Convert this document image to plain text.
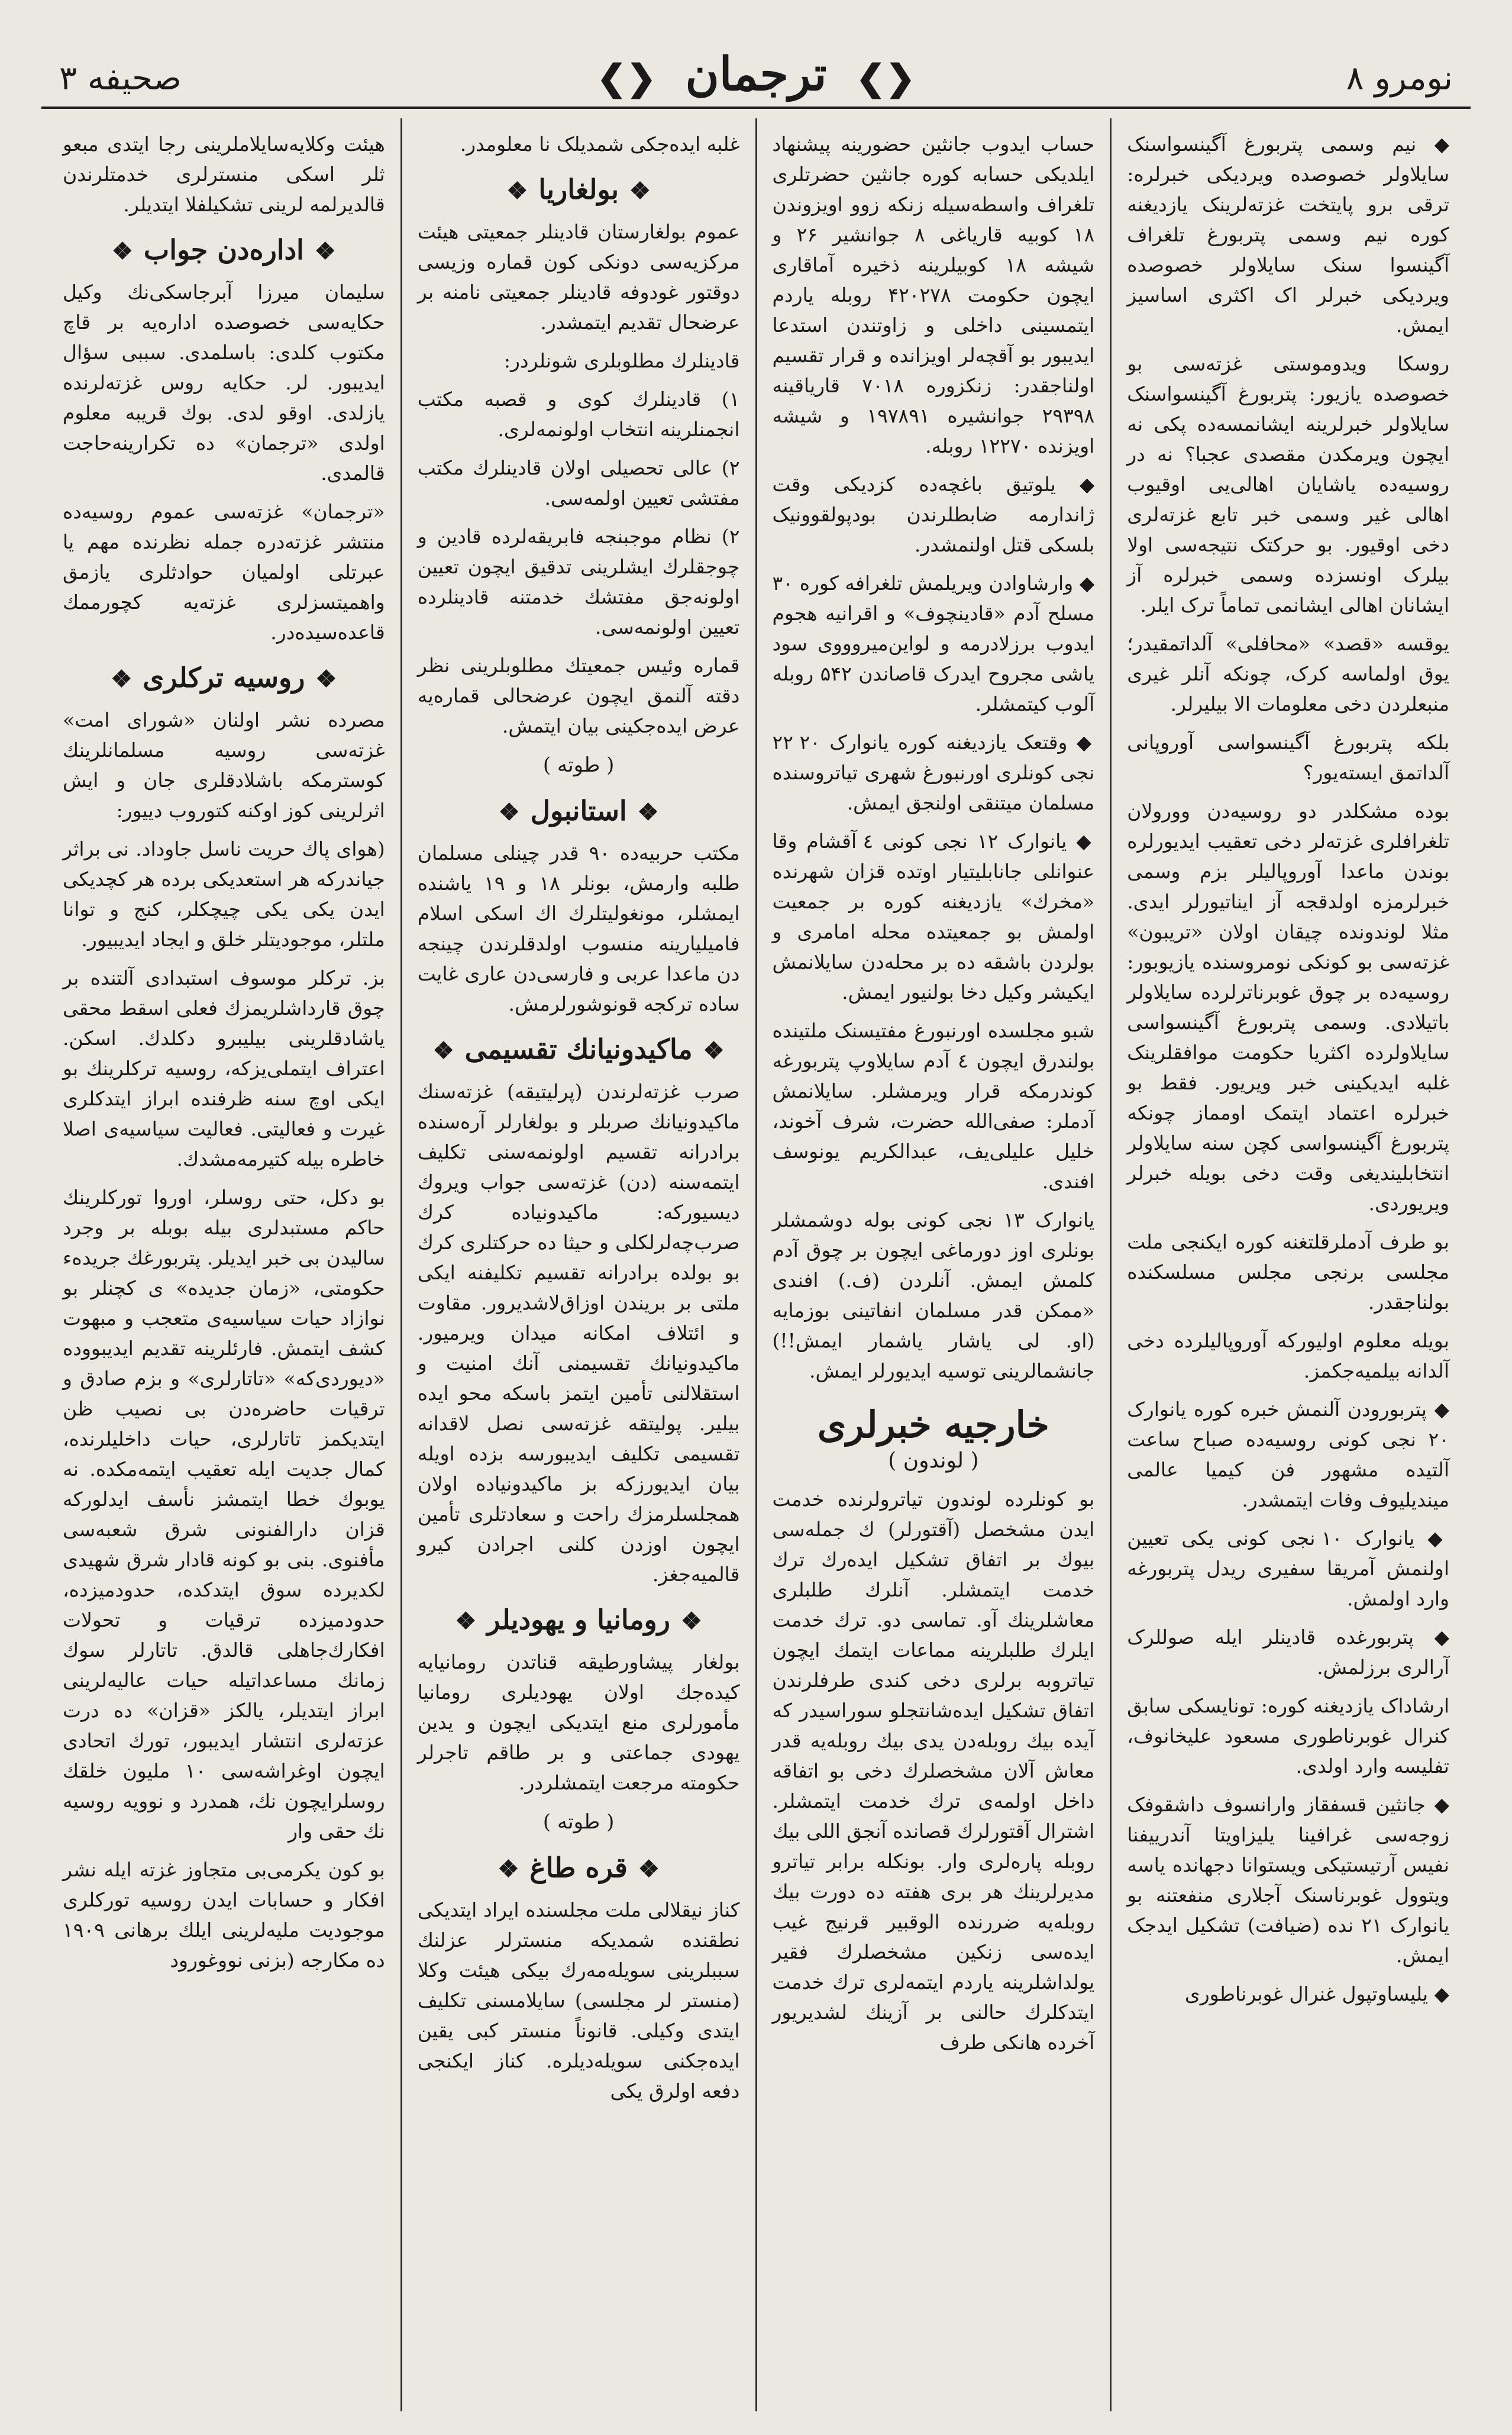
نومرو ۸
❮❯ ترجمان ❮❯
صحیفه ۳

◆ نیم وسمی پتربورغ آگینسواسنک سایلاولر خصوصده ویردیکی خبرلره: ترقی برو پایتخت غزته‌لرینک یازدیغنه کوره نیم وسمی پتربورغ تلغراف آگینسوا سنک سایلاولر خصوصده ویردیکی خبرلر اک اکثری اساسیز ایمش.

روسکا ویدوموستی غزته‌سی بو خصوصده یازیور: پتربورغ آگینسواسنک سایلاولر خبرلرینه ایشانمسه‌ده پکی نه ایچون ویرمکدن مقصدی عجبا؟ نه در روسیه‌ده یاشایان اهالی‌یی اوقیوب اهالی غیر وسمی خبر تابع غزته‌لری دخی اوقیور. بو حرکتک نتیجه‌سی اولا بیلرک اونسزده وسمی خبرلره آز ایشانان اهالی ایشانمی تماماً ترک ایلر.

یوقسه «قصد» «محافلی» آلداتمقیدر؛ یوق اولماسه کرک، چونکه آنلر غیری منبعلردن دخی معلومات الا بیلیرلر.

بلکه پتربورغ آگینسواسی آوروپانی آلداتمق ایسته‌یور؟

بوده مشکلدر دو روسیه‌دن وورولان تلغرافلری غزته‌لر دخی تعقیب ایدیورلره بوندن ماعدا آوروپالیلر بزم وسمی خبرلرمزه اولدقجه آز ایناتیورلر ایدی. مثلا لوندونده چیقان اولان «تریبون» غزته‌سی بو کونکی نومروسنده یازیوبور: روسیه‌ده بر چوق غوبرناترلرده سایلاولر باتیلادی. وسمی پتربورغ آگینسواسی سایلاولرده اکثریا حکومت موافقلرینک غلبه ایدیکینی خبر ویریور. فقط بو خبرلره اعتماد ایتمک اومماز چونکه پتربورغ آگینسواسی کچن سنه سایلاولر انتخابلیندیغی وقت دخی بویله خبرلر ویریوردی.

بو طرف آدملرقلتغنه کوره ایکنجی ملت مجلسی برنجی مجلس مسلسکنده بولناجقدر.

بویله معلوم اولیورکه آوروپالیلرده دخی آلدانه بیلمیه‌جکمز.

◆ پتربورودن آلنمش خبره کوره یانوارک ۲۰ نجی کونی روسیه‌ده صباح ساعت آلتیده مشهور فن کیمیا عالمی میندیلیوف وفات ایتمشدر.

◆ یانوارک ۱۰ نجی کونی یکی تعیین اولنمش آمریقا سفیری ریدل پتربورغه وارد اولمش.

◆ پتربورغده قادینلر ایله صوللرک آرالری برزلمش.

ارشاداک یازدیغنه کوره: تونایسکی سابق کنرال غوبرناطوری مسعود علیخانوف، تفلیسه وارد اولدی.

◆ جانثین قسفقاز وارانسوف داشقوفک زوجه‌سی غرافینا یلیزاویتا آندرییفنا نفیس آرتیستیکی ویستوانا دجهانده یاسه ویتوول غوبرناسنک آجلاری منفعتنه بو یانوارک ۲۱ نده (ضیافت) تشکیل ایدجک ایمش.

◆ یلیساوتپول غنرال غوبرناطوری

حساب ایدوب جانثین حضورینه پیشنهاد ایلدیکی حسابه کوره جانثین حضرتلری تلغراف واسطه‌سیله زنکه زوو اویزوندن ۱۸ کوبیه قاریاغی ۸ جوانشیر ۲۶ و شیشه ۱۸ کوبیلرینه ذخیره آماقاری ایچون حکومت ۴۲۰۲۷۸ روبله یاردم ایتمسینی داخلی و زاوتندن استدعا ایدیبور بو آقچه‌لر اویزانده و قرار تقسیم اولناجقدر: زنکزوره ۷۰۱۸ قاریاقینه ۲۹۳۹۸ جوانشیره ۱۹۷۸۹۱ و شیشه اویزنده ۱۲۲۷۰ روبله.

◆ یلوتیق باغچه‌ده کزدیکی وقت ژاندارمه ضابطلرندن بودپولقوونیک بلسکی قتل اولنمشدر.

◆ وارشاوادن ویریلمش تلغرافه کوره ۳۰ مسلح آدم «قادینچوف» و اقرانیه هجوم ایدوب برزلادرمه و لواین‌میروووی سود یاشی مجروح ایدرک قاصاندن ۵۴۲ روبله آلوب کیتمشلر.

◆ وقتعک یازدیغنه کوره یانوارک ۲۰ ۲۲ نجی کونلری اورنبورغ شهری تیاتروسنده مسلمان میتنقی اولنجق ایمش.

◆ یانوارک ۱۲ نجی کونی ٤ آقشام وقا عنوانلی جانابلیتیار اوتده قزان شهرنده «مخرك» یازدیغنه کوره بر جمعیت اولمش بو جمعیتده محله امامری و بولردن باشقه ده بر محله‌دن سایلانمش ایکیشر وکیل دخا بولنیور ایمش.

شبو مجلسده اورنبورغ مفتیسنک ملتینده بولندرق ایچون ٤ آدم سایلاوپ پتربورغه کوندرمکه قرار ویرمشلر. سایلانمش آدملر: صفی‌الله حضرت، شرف آخوند، خلیل علیلی‌یف، عبدالکریم یونوسف افندی.

یانوارک ۱۳ نجی کونی بوله دوشمشلر بونلری اوز دورماغی ایچون بر چوق آدم کلمش ایمش. آنلردن (ف.) افندی «ممکن قدر مسلمان انفاتینی بوزمایه (او. لی یاشار یاشمار ایمش!!) جانشمالرینی توسیه ایدیورلر ایمش.

خارجیه خبرلری
( لوندون )

بو کونلرده لوندون تیاترولرنده خدمت ایدن مشخصل (آقتورلر) ك جمله‌سی بیوك بر اتفاق تشکیل ایده‌رك ترك خدمت ایتمشلر. آنلرك طلبلری معاشلرینك آو. تماسی دو. ترك خدمت ایلرك طلبلرینه مماعات ایتمك ایچون تیاتروبه برلری دخی کندی طرفلرندن اتفاق تشکیل ایده‌شانتجلو سوراسیدر که آیده بیك روبله‌دن یدی بیك روبله‌یه قدر معاش آلان مشخصلرك دخی بو اتفاقه داخل اولمه‌ی ترك خدمت ایتمشلر. اشترال آقتورلرك قصانده آنجق اللی بیك روبله پاره‌لری وار. بونکله برابر تیاترو مدیرلرینك هر برى هفته ده دورت بیك روبله‌یه ضررنده الوقبیر قرنیج غیب ایده‌سی زنکین مشخصلرك فقیر یولداشلرینه یاردم ایتمه‌لری ترك خدمت ایتدکلرك حالنی بر آزینك لشدیریور آخرده هانکی طرف

غلبه ایده‌جکی شمدیلک نا معلومدر.

❖بولغاریا❖

عموم بولغارستان قادینلر جمعیتی هیئت مرکزیه‌سی دونکی کون قماره وزیسی دوقتور غودوفه قادینلر جمعیتی نامنه بر عرضحال تقدیم ایتمشدر.

قادینلرك مطلوبلری شونلردر:

۱) قادینلرك کوی و قصبه مکتب انجمنلرینه انتخاب اولونمه‌لری.

۲) عالی تحصیلی اولان قادینلرك مکتب مفتشی تعیین اولمه‌سی.

۲) نظام موجبنجه فابریقه‌لرده قادین و چوجقلرك ایشلرینی تدقیق ایچون تعیین اولونه‌جق مفتشك خدمتنه قادینلرده تعیین اولونمه‌سی.

قماره وئیس جمعیتك مطلوبلرینی نظر دقته آلنمق ایچون عرضحالی قماره‌یه عرض ایده‌جکینی بیان ایتمش.

( طوته )
❖استانبول❖

مکتب حربیه‌ده ۹۰ قدر چینلی مسلمان طلبه وارمش، بونلر ۱۸ و ۱۹ یاشنده ایمشلر، مونغولیتلرك اك اسکی اسلام فامیلیارینه منسوب اولدقلرندن چینجه دن ماعدا عربی و فارسی‌دن عاری غایت ساده ترکجه قونوشورلرمش.

❖ماکیدونیانك تقسیمی❖

صرب غزته‌لرندن (پرلیتیقه) غزته‌سنك ماکیدونیانك صربلر و بولغارلر آره‌سنده برادرانه تقسیم اولونمه‌سنی تکلیف ایتمه‌سنه (دن) غزته‌سی جواب ویروك دیسیورکه: ماکیدونیاده کرك صرب‌چه‌لرلکلی و حیثا ده حرکتلری کرك بو بولده برادرانه تقسیم تکلیفنه ایکی ملتی بر بریندن اوزاق‌لاشدیرور. مقاوت و ائتلاف امکانه میدان ویرمیور. ماکیدونیانك تقسیمنی آنك امنیت و استقلالنی تأمین ایتمز باسکه محو ایده بیلیر. پولیتقه غزته‌سی نصل لاقدانه تقسیمی تکلیف ایدیبورسه بزده اویله بیان ایدیورزکه بز ماکیدونیاده اولان همجلسلرمزك راحت و سعادتلری تأمین ایچون اوزدن کلنی اجرادن کیرو قالمیه‌جغز.

❖رومانیا و یهودیلر❖

بولغار پیشاورطیقه قناتدن رومانیایه کیده‌جك اولان یهودیلری رومانیا مأمورلری منع ایتدیکی ایچون و یدین یهودی جماعتی و بر طاقم تاجرلر حکومته مرجعت ایتمشلردر.

( طوته )
❖قره طاغ❖

کناز نیقلالی ملت مجلسنده ایراد ایتدیکی نطقنده شمدیکه منسترلر عزلنك سببلرینی سویله‌مه‌رك بیکی هیئت وکلا (منستر لر مجلسی) سایلامسنی تکلیف ایتدی وکیلی. قانوناً منستر کبی یقین ایده‌جکنی سویله‌دیلره. کناز ایکنجی دفعه اولرق یکی

هیئت وکلایه‌سایلاملرینی رجا ایتدی مبعو ثلر اسکی منسترلری خدمتلرندن قالدیرلمه لرینی تشکیلفلا ایتدیلر.

❖اداره‌دن جواب❖

سلیمان میرزا آبرجاسکی‌نك وکیل حکایه‌سی خصوصده اداره‌یه بر قاچ مکتوب کلدی: باسلمدی. سببی سؤال ایدیبور. لر. حکایه روس غزته‌لرنده یازلدی. اوقو لدی. بوك قریبه معلوم اولدی «ترجمان» ده تکرارینه‌حاجت قالمدی.

«ترجمان» غزته‌سی عموم روسیه‌ده منتشر غزته‌دره جمله نظرنده مهم یا عبرتلی اولمیان حوادثلری یازمق واهمیتسزلری غزته‌یه کچورممك قاعده‌سیده‌در.

❖روسیه ترکلری❖

مصرده نشر اولنان «شورای امت» غزته‌سی روسیه مسلمانلرینك کوسترمکه باشلادقلری جان و ایش اثرلرینی کوز اوکنه کتوروب دییور:

(هوای پاك حریت ناسل جاوداد. نی براثر جیاندرکه هر استعدیکی برده هر کچدیکی ایدن یکی یکی چیچکلر، کنج و توانا ملتلر، موجودیتلر خلق و ایجاد ایدیبیور.

بز. ترکلر موسوف استبدادی آلتنده بر چوق قارداشلریمزك فعلی اسقط محقی یاشادقلرینی بیلیبرو دکلدك. اسکن. اعتراف ایتملی‌یزکه، روسیه ترکلرینك بو ایکی اوچ سنه ظرفنده ابراز ایتدکلری غیرت و فعالیتی. فعالیت سیاسیه‌ی اصلا خاطره بیله کتیرمه‌مشدك.

بو دکل، حتی روسلر، اوروا تورکلرینك حاکم مستبدلری بیله بوبله بر وجرد سالیدن بی خبر ایدیلر. پتربورغك جریده‌ء حکومتی، «زمان جدیده» ی کچنلر بو نوازاد حیات سیاسیه‌ی متعجب و مبهوت کشف ایتمش. فارئلرینه تقدیم ایدیبووده «دیوردی‌که» «تاتارلری» و بزم صادق و ترقیات حاضره‌دن بی نصیب ظن ایتدیکمز تاتارلری، حیات داخلیلرنده، کمال جدیت ایله تعقیب ایتمه‌مکده. نه یوبوك خطا ایتمشز نأسف ایدلورکه قزان دارالفنونی شرق شعبه‌سی مأفنوی. بنی بو کونه قادار شرق شهیدی لکدیرده سوق ایتدکده، حدودمیزده، حدودمیزده ترقیات و تحولات افکارك‌جاهلی قالدق. تاتارلر سوك زمانك مساعداتیله حیات عالیه‌لرینی ابراز ایتدیلر، یالکز «قزان» ده درت عزته‌لری انتشار ایدیبور، تورك اتحادی ایچون اوغراشه‌سی ۱۰ ملیون خلقك روسلرایچون نك، همدرد و نوویه روسیه نك حقی وار

بو کون یکرمی‌بی متجاوز غزته ایله نشر افکار و حسابات ایدن روسیه تورکلری موجودیت ملیه‌لرینی ایلك برهانی ۱۹۰۹ ده مکارجه (بزنی نووغورود
